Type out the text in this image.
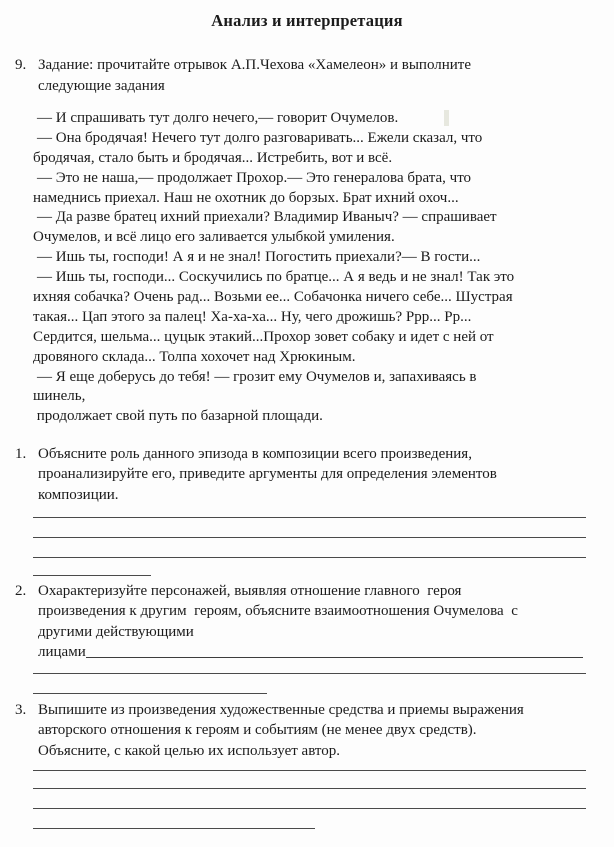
Анализ и интерпретация
9. Задание: прочитайте отрывок А.П.Чехова «Хамелеон» и выполните
следующие задания
— И спрашивать тут долго нечего,— говорит Очумелов.
— Она бродячая! Нечего тут долго разговаривать... Ежели сказал, что
бродячая, стало быть и бродячая... Истребить, вот и всё.
— Это не наша,— продолжает Прохор.— Это генералова брата, что
намеднись приехал. Наш не охотник до борзых. Брат ихний охоч...
— Да разве братец ихний приехали? Владимир Иваныч? — спрашивает
Очумелов, и всё лицо его заливается улыбкой умиления.
— Ишь ты, господи! А я и не знал! Погостить приехали?— В гости...
— Ишь ты, господи... Соскучились по братце... А я ведь и не знал! Так это
ихняя собачка? Очень рад... Возьми ее... Собачонка ничего себе... Шустрая
такая... Цап этого за палец! Ха-ха-ха... Ну, чего дрожишь? Ррр... Рр...
Сердится, шельма... цуцык этакий...Прохор зовет собаку и идет с ней от
дровяного склада... Толпа хохочет над Хрюкиным.
— Я еще доберусь до тебя! — грозит ему Очумелов и, запахиваясь в
шинель,
продолжает свой путь по базарной площади.
1. Объясните роль данного эпизода в композиции всего произведения,
проанализируйте его, приведите аргументы для определения элементов
композиции.
2. Охарактеризуйте персонажей, выявляя отношение главного  героя
произведения к другим  героям, объясните взаимоотношения Очумелова  с
другими действующими
лицами
3. Выпишите из произведения художественные средства и приемы выражения
авторского отношения к героям и событиям (не менее двух средств).
Объясните, с какой целью их использует автор.
